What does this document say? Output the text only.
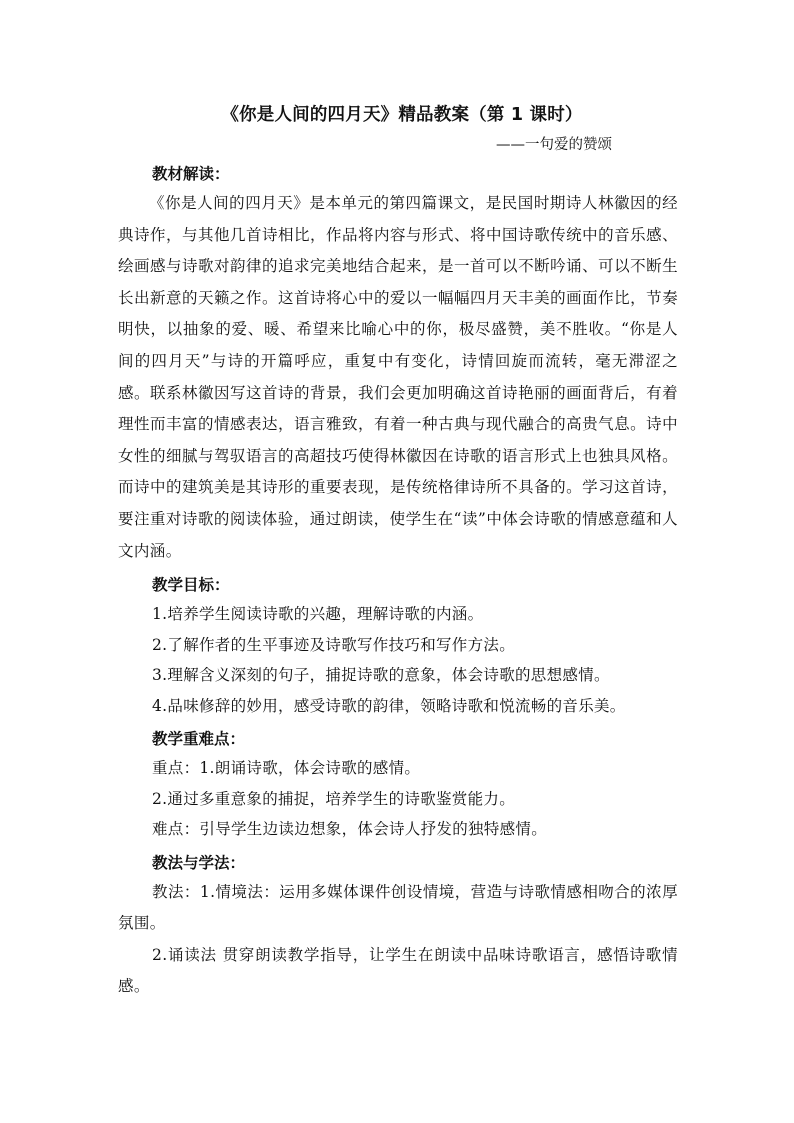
《你是人间的四月天》精品教案（第 1 课时）

——一句爱的赞颂

教材解读：

《你是人间的四月天》是本单元的第四篇课文，是民国时期诗人林徽因的经典诗作，与其他几首诗相比，作品将内容与形式、将中国诗歌传统中的音乐感、绘画感与诗歌对韵律的追求完美地结合起来，是一首可以不断吟诵、可以不断生长出新意的天籁之作。这首诗将心中的爱以一幅幅四月天丰美的画面作比，节奏明快，以抽象的爱、暖、希望来比喻心中的你，极尽盛赞，美不胜收。“你是人间的四月天”与诗的开篇呼应，重复中有变化，诗情回旋而流转，毫无滞涩之感。联系林徽因写这首诗的背景，我们会更加明确这首诗艳丽的画面背后，有着理性而丰富的情感表达，语言雅致，有着一种古典与现代融合的高贵气息。诗中女性的细腻与驾驭语言的高超技巧使得林徽因在诗歌的语言形式上也独具风格。而诗中的建筑美是其诗形的重要表现，是传统格律诗所不具备的。学习这首诗，要注重对诗歌的阅读体验，通过朗读，使学生在“读”中体会诗歌的情感意蕴和人文内涵。

教学目标：

1.培养学生阅读诗歌的兴趣，理解诗歌的内涵。

2.了解作者的生平事迹及诗歌写作技巧和写作方法。

3.理解含义深刻的句子，捕捉诗歌的意象，体会诗歌的思想感情。

4.品味修辞的妙用，感受诗歌的韵律，领略诗歌和悦流畅的音乐美。

教学重难点：

重点：1.朗诵诗歌，体会诗歌的感情。

2.通过多重意象的捕捉，培养学生的诗歌鉴赏能力。

难点：引导学生边读边想象，体会诗人抒发的独特感情。

教法与学法：

教法：1.情境法：运用多媒体课件创设情境，营造与诗歌情感相吻合的浓厚氛围。

2.诵读法 贯穿朗读教学指导，让学生在朗读中品味诗歌语言，感悟诗歌情感。
